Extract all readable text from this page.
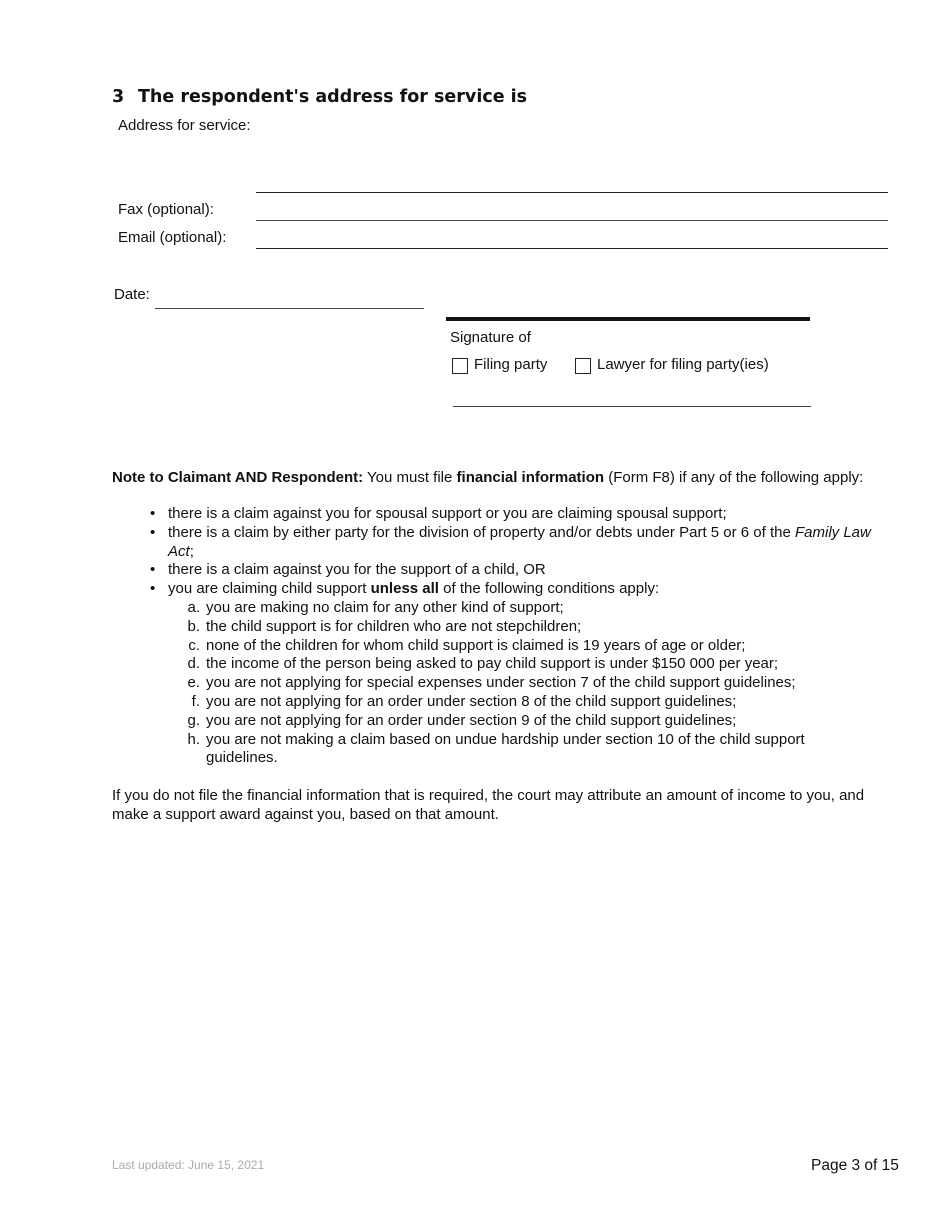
3 The respondent's address for service is
Address for service:
Fax (optional):
Email (optional):
Date:
Signature of
Filing party	Lawyer for filing party(ies)
Note to Claimant AND Respondent: You must file financial information (Form F8) if any of the following apply:
• there is a claim against you for spousal support or you are claiming spousal support;
• there is a claim by either party for the division of property and/or debts under Part 5 or 6 of the Family Law Act;
• there is a claim against you for the support of a child, OR
• you are claiming child support unless all of the following conditions apply:
a. you are making no claim for any other kind of support;
b. the child support is for children who are not stepchildren;
c. none of the children for whom child support is claimed is 19 years of age or older;
d. the income of the person being asked to pay child support is under $150 000 per year;
e. you are not applying for special expenses under section 7 of the child support guidelines;
f. you are not applying for an order under section 8 of the child support guidelines;
g. you are not applying for an order under section 9 of the child support guidelines;
h. you are not making a claim based on undue hardship under section 10 of the child support guidelines.
If you do not file the financial information that is required, the court may attribute an amount of income to you, and make a support award against you, based on that amount.
Last updated: June 15, 2021	Page 3 of 15
